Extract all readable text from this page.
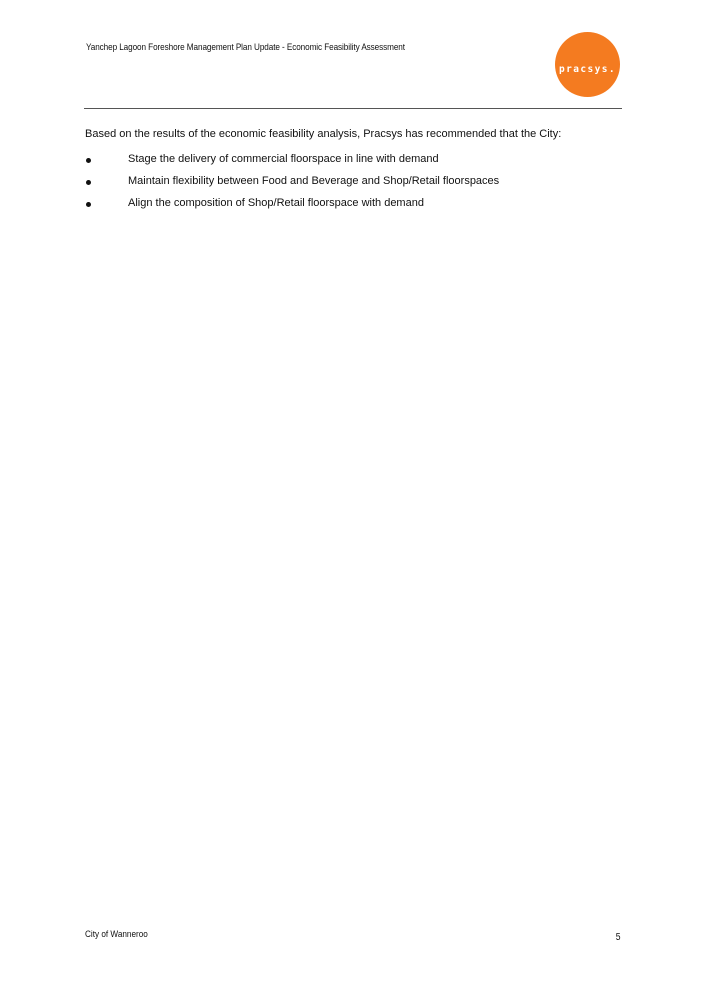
Yanchep Lagoon Foreshore Management Plan Update - Economic Feasibility Assessment
pracsys.
Based on the results of the economic feasibility analysis, Pracsys has recommended that the City:
Stage the delivery of commercial floorspace in line with demand
Maintain flexibility between Food and Beverage and Shop/Retail floorspaces
Align the composition of Shop/Retail floorspace with demand
City of Wanneroo	5
